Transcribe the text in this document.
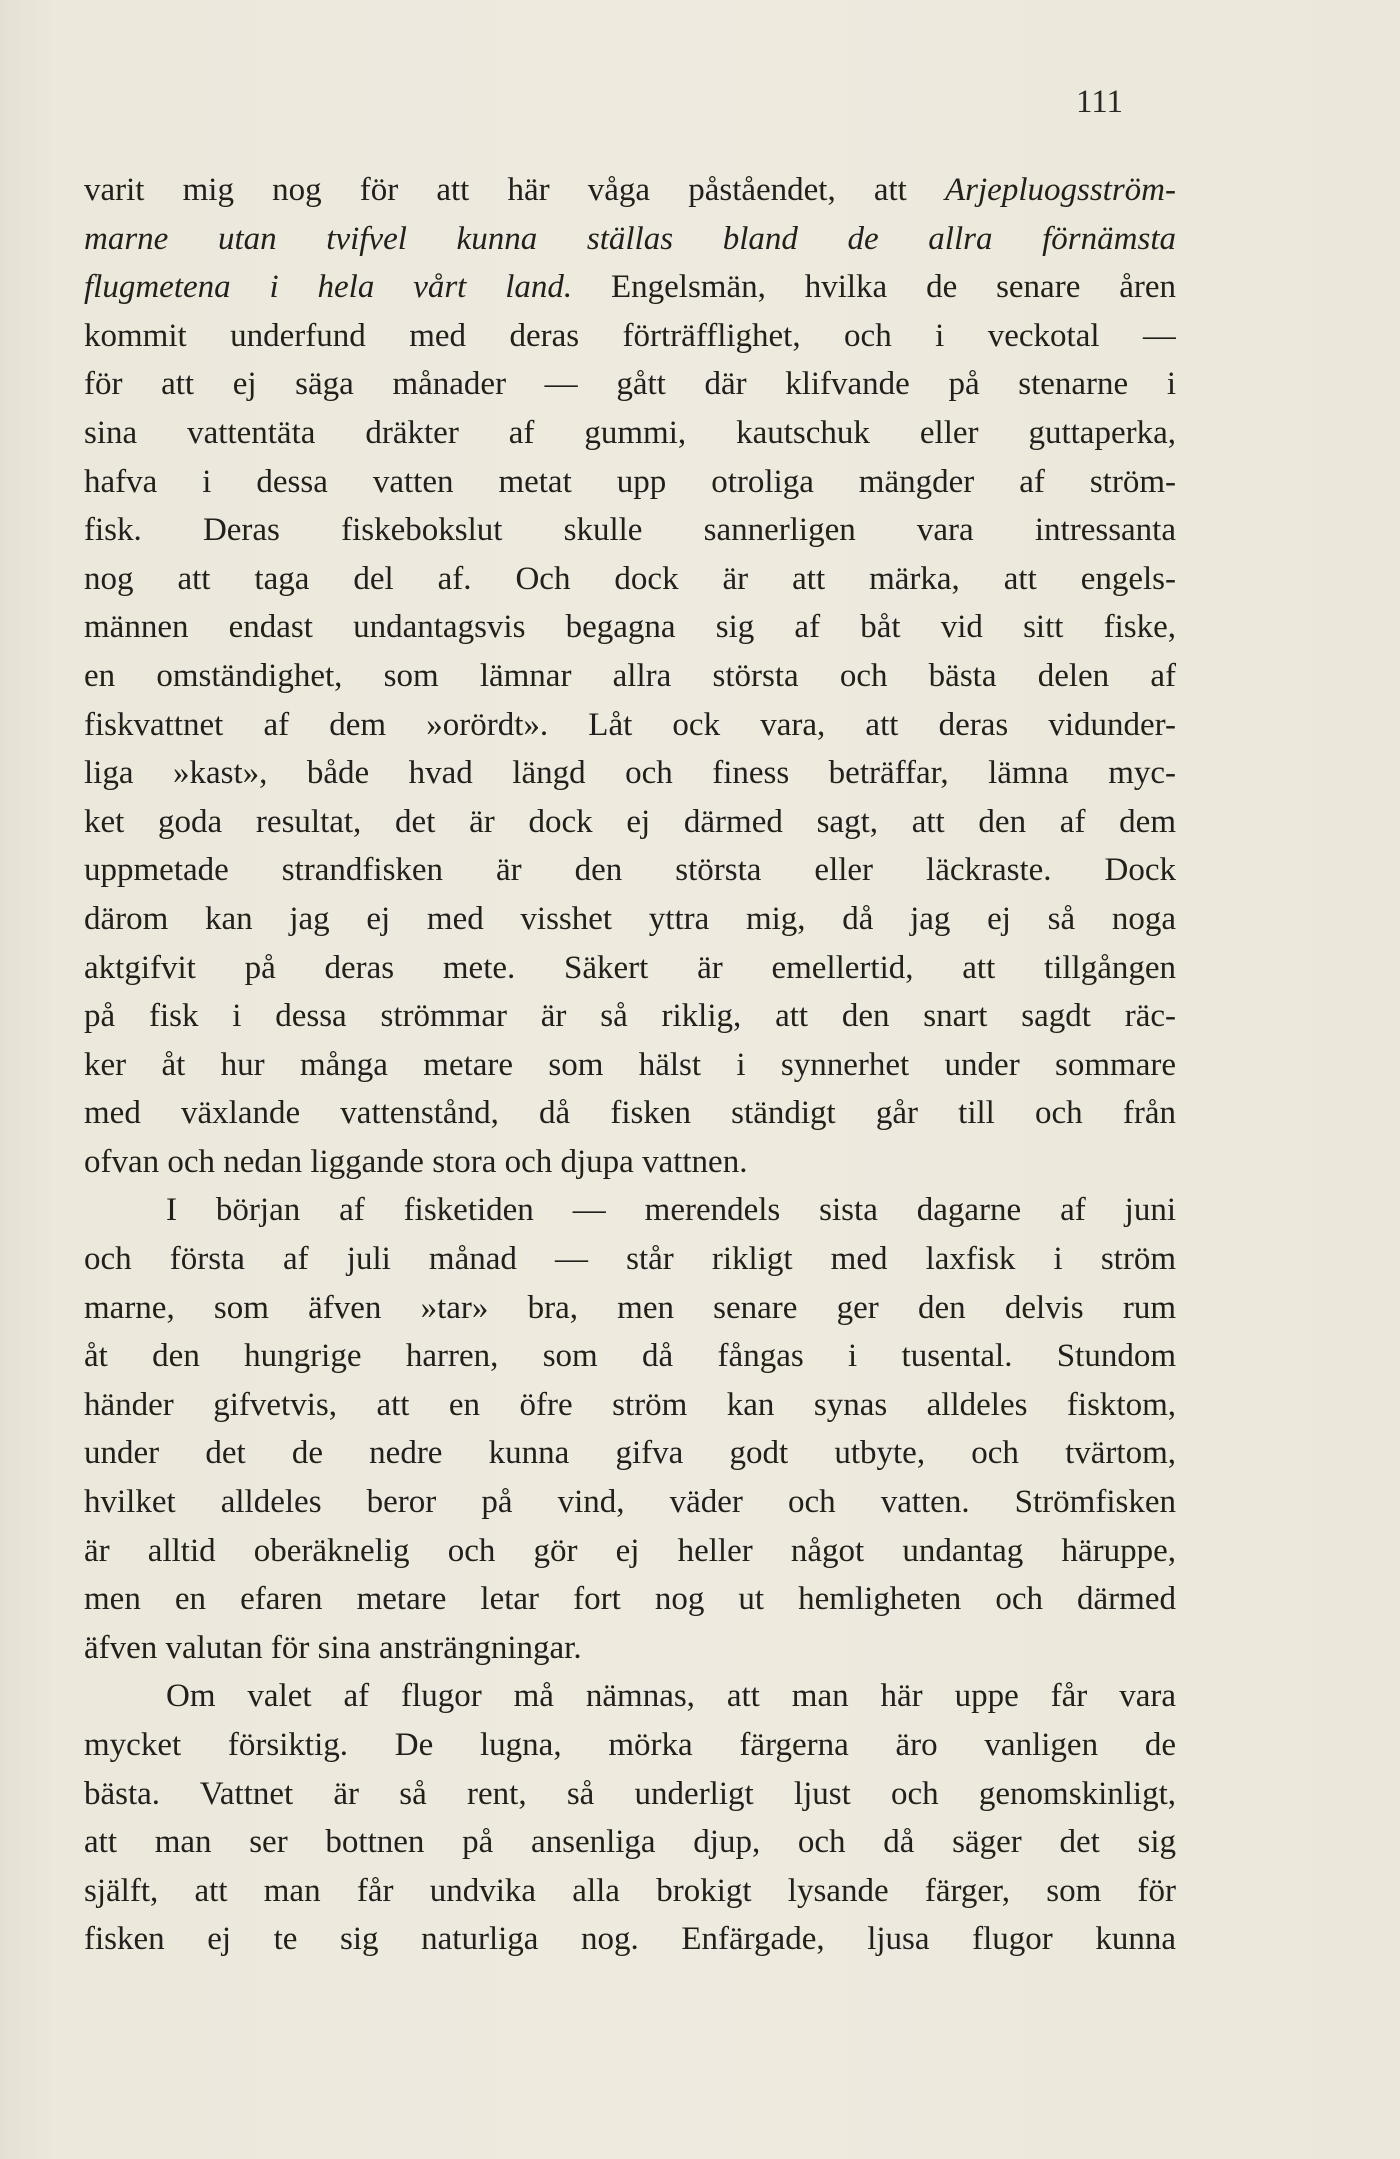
111
varit mig nog för att här våga påståendet, att Arjepluogsström-
marne utan tvifvel kunna ställas bland de allra förnämsta
flugmetena i hela vårt land. Engelsmän, hvilka de senare åren
kommit underfund med deras förträfflighet, och i veckotal —
för att ej säga månader — gått där klifvande på stenarne i
sina vattentäta dräkter af gummi, kautschuk eller guttaperka,
hafva i dessa vatten metat upp otroliga mängder af ström-
fisk. Deras fiskebokslut skulle sannerligen vara intressanta
nog att taga del af. Och dock är att märka, att engels-
männen endast undantagsvis begagna sig af båt vid sitt fiske,
en omständighet, som lämnar allra största och bästa delen af
fiskvattnet af dem »orördt». Låt ock vara, att deras vidunder-
liga »kast», både hvad längd och finess beträffar, lämna myc-
ket goda resultat, det är dock ej därmed sagt, att den af dem
uppmetade strandfisken är den största eller läckraste. Dock
därom kan jag ej med visshet yttra mig, då jag ej så noga
aktgifvit på deras mete. Säkert är emellertid, att tillgången
på fisk i dessa strömmar är så riklig, att den snart sagdt räc-
ker åt hur många metare som hälst i synnerhet under sommare
med växlande vattenstånd, då fisken ständigt går till och från
ofvan och nedan liggande stora och djupa vattnen.
I början af fisketiden — merendels sista dagarne af juni
och första af juli månad — står rikligt med laxfisk i ström
marne, som äfven »tar» bra, men senare ger den delvis rum
åt den hungrige harren, som då fångas i tusental. Stundom
händer gifvetvis, att en öfre ström kan synas alldeles fisktom,
under det de nedre kunna gifva godt utbyte, och tvärtom,
hvilket alldeles beror på vind, väder och vatten. Strömfisken
är alltid oberäknelig och gör ej heller något undantag häruppe,
men en efaren metare letar fort nog ut hemligheten och därmed
äfven valutan för sina ansträngningar.
Om valet af flugor må nämnas, att man här uppe får vara
mycket försiktig. De lugna, mörka färgerna äro vanligen de
bästa. Vattnet är så rent, så underligt ljust och genomskinligt,
att man ser bottnen på ansenliga djup, och då säger det sig
själft, att man får undvika alla brokigt lysande färger, som för
fisken ej te sig naturliga nog. Enfärgade, ljusa flugor kunna
